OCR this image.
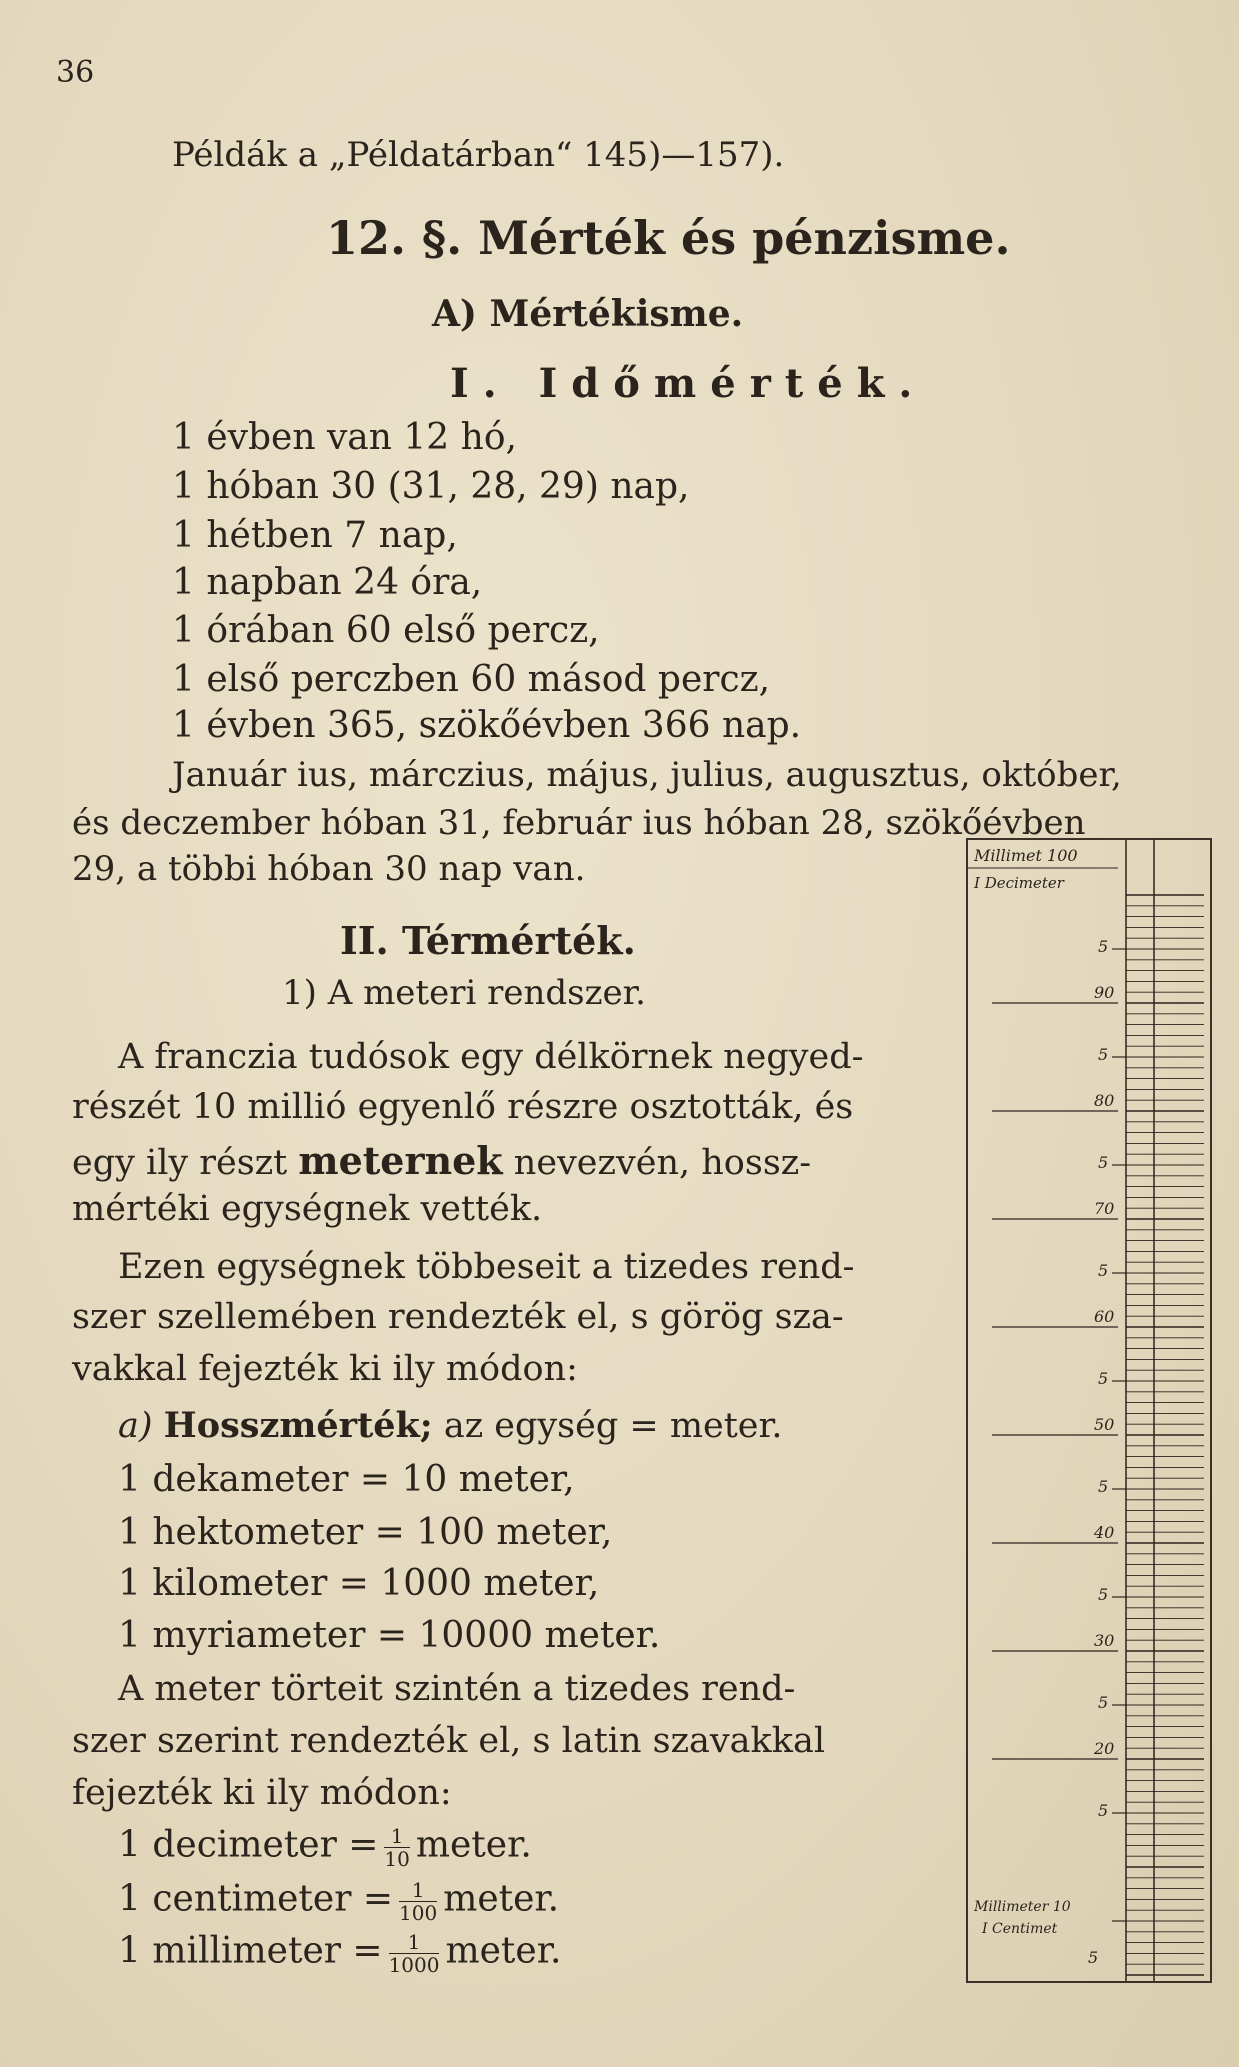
36
Példák a „Példatárban“ 145)—157).
12. §. Mérték és pénzisme.
A) Mértékisme.
I. Időmérték.
1 évben van 12 hó,
1 hóban 30 (31, 28, 29) nap,
1 hétben 7 nap,
1 napban 24 óra,
1 órában 60 első percz,
1 első perczben 60 másod percz,
1 évben 365, szökőévben 366 nap.
Január ius, márczius, május, julius, augusztus, október,
és deczember hóban 31, február ius hóban 28, szökőévben
29, a többi hóban 30 nap van.
II. Térmérték.
1) A meteri rendszer.
A franczia tudósok egy délkörnek negyed-
részét 10 millió egyenlő részre osztották, és
egy ily részt meternek nevezvén, hossz-
mértéki egységnek vették.
Ezen egységnek többeseit a tizedes rend-
szer szellemében rendezték el, s görög sza-
vakkal fejezték ki ily módon:
a) Hosszmérték; az egység = meter.
1 dekameter = 10 meter,
1 hektometer = 100 meter,
1 kilometer = 1000 meter,
1 myriameter = 10000 meter.
A meter törteit szintén a tizedes rend-
szer szerint rendezték el, s latin szavakkal
fejezték ki ily módon:
1 decimeter = $\frac{1}{10}$ meter.
1 centimeter = $\frac{1}{100}$ meter.
1 millimeter = $\frac{1}{1000}$ meter.
Millimet 100
I Decimeter
90
80
70
60
50
40
30
20
5
5
5
5
5
5
5
5
5
Millimeter 10
I Centimet
5
